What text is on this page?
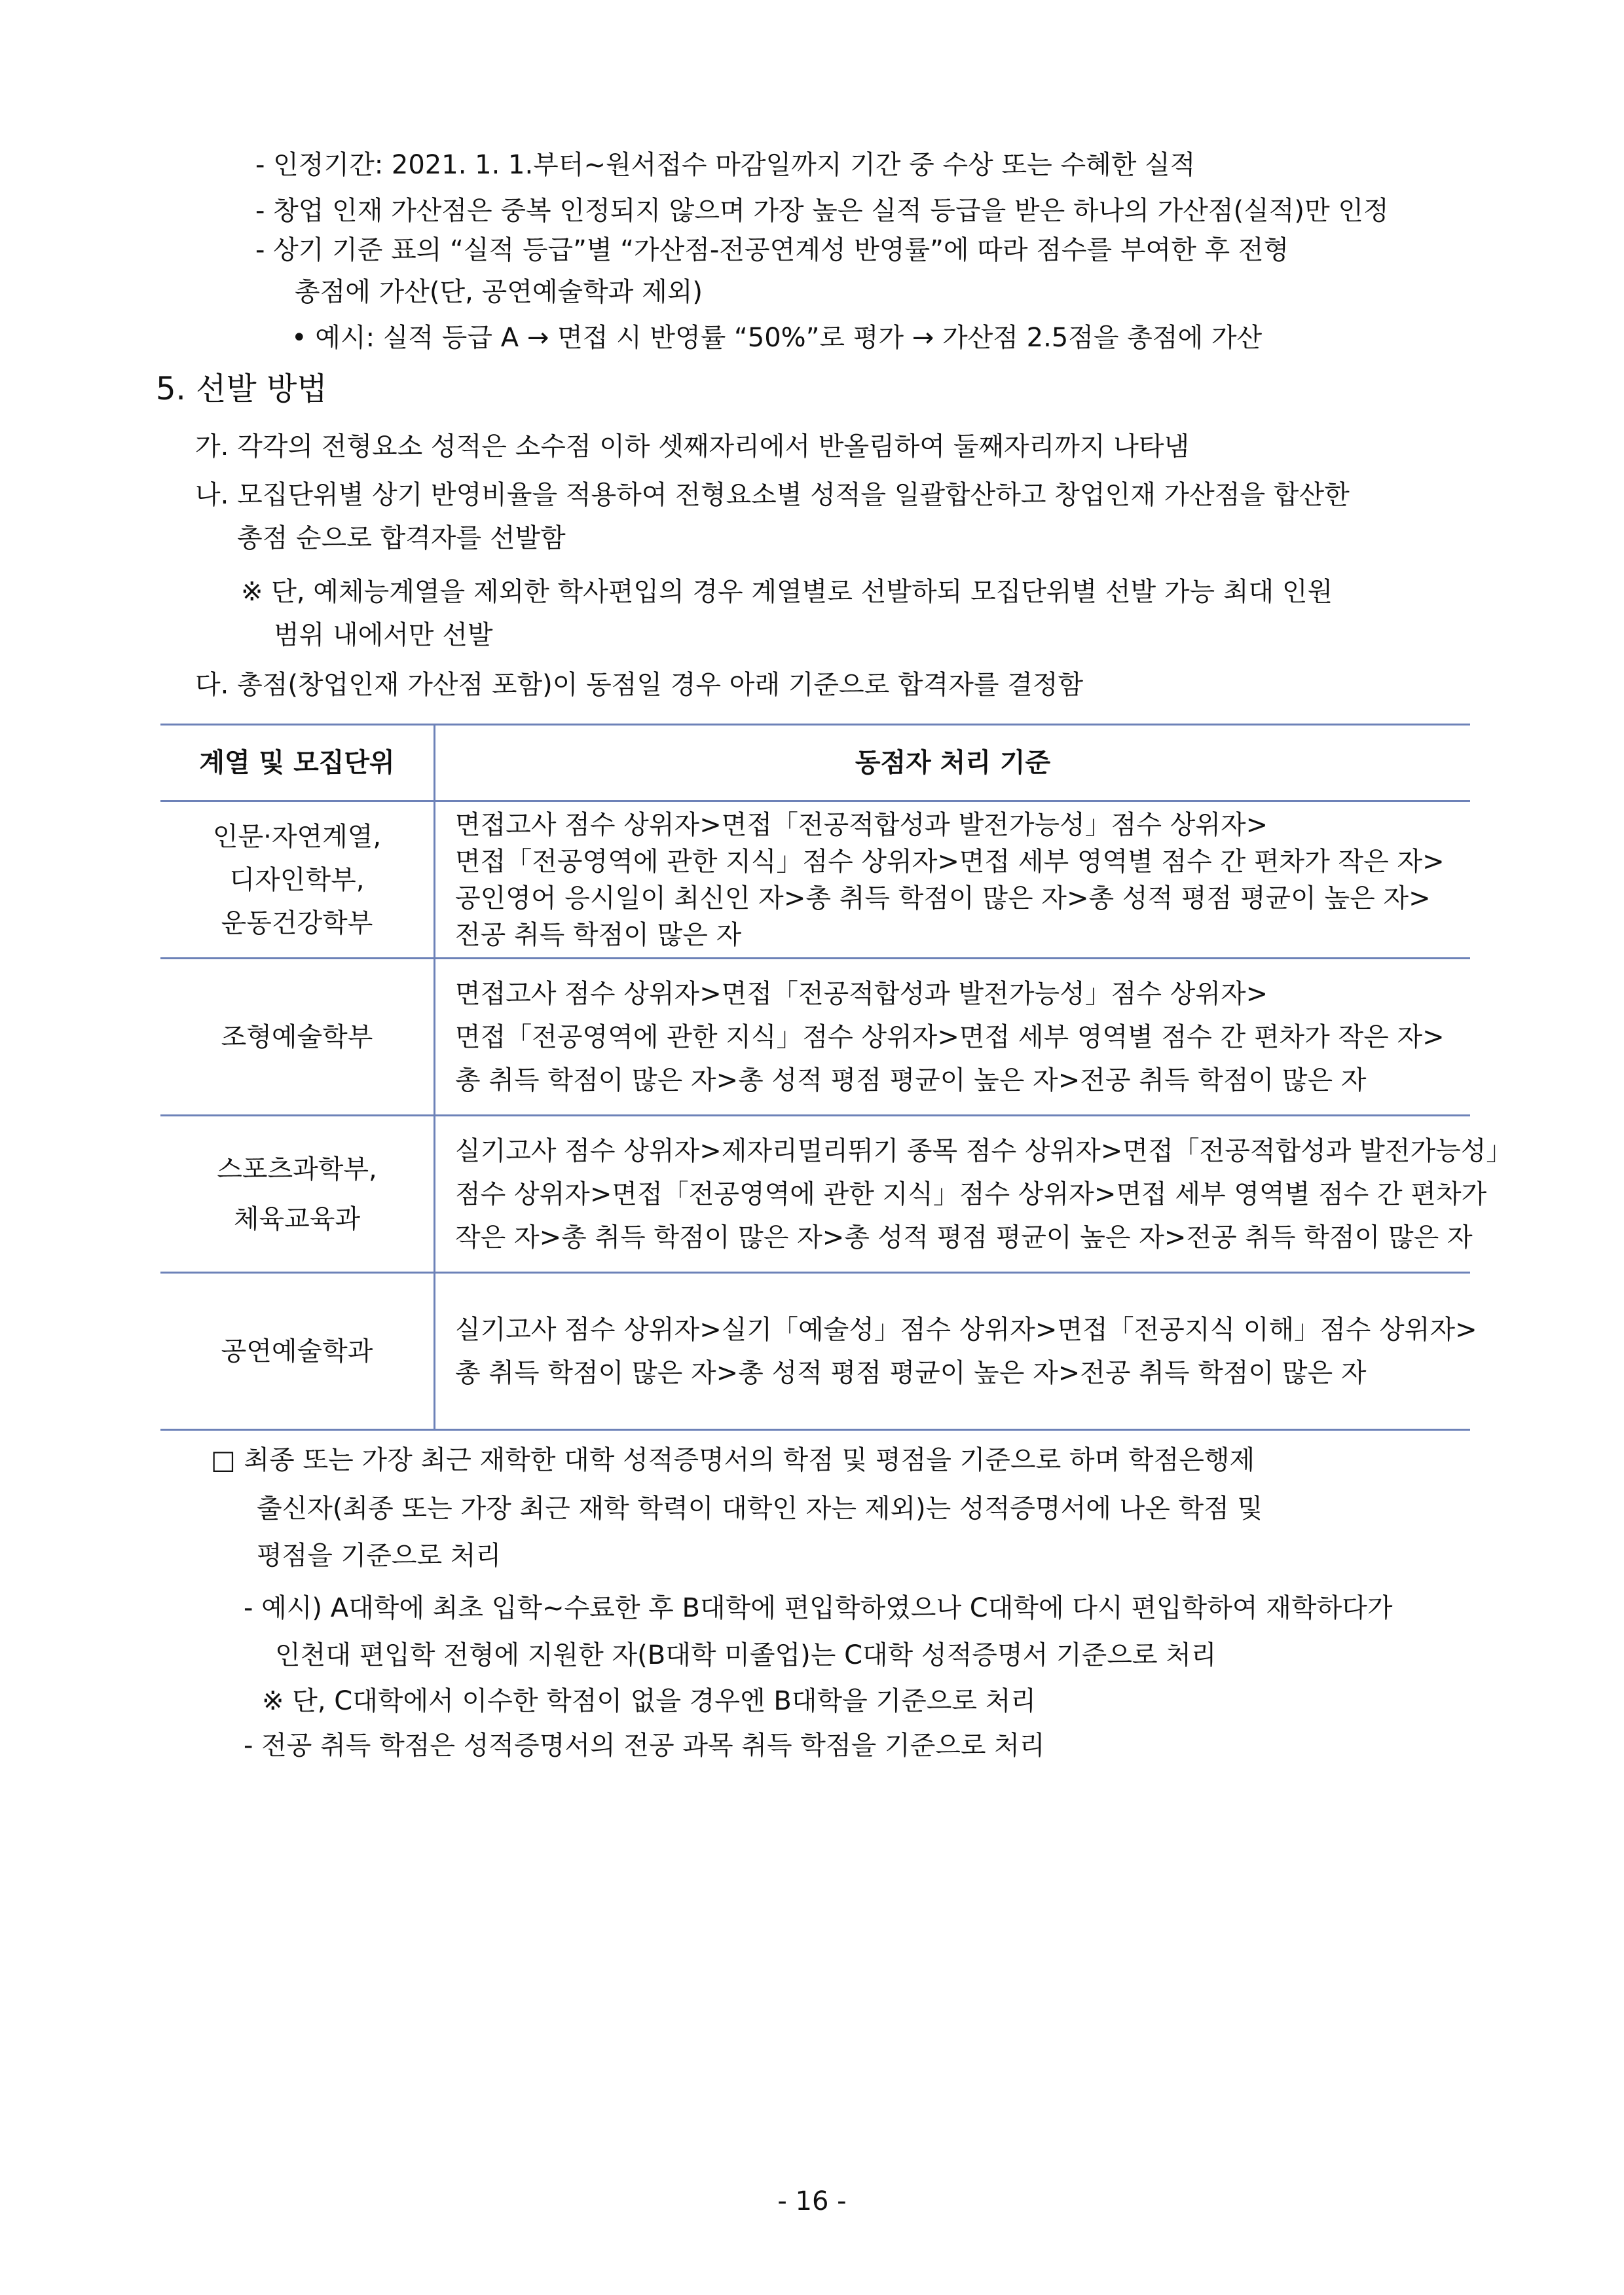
- 인정기간: 2021. 1. 1.부터~원서접수 마감일까지 기간 중 수상 또는 수혜한 실적
- 창업 인재 가산점은 중복 인정되지 않으며 가장 높은 실적 등급을 받은 하나의 가산점(실적)만 인정
- 상기 기준 표의 “실적 등급”별 “가산점-전공연계성 반영률”에 따라 점수를 부여한 후 전형
총점에 가산(단, 공연예술학과 제외)
• 예시: 실적 등급 A → 면접 시 반영률 “50%”로 평가 → 가산점 2.5점을 총점에 가산
5. 선발 방법
가. 각각의 전형요소 성적은 소수점 이하 셋째자리에서 반올림하여 둘째자리까지 나타냄
나. 모집단위별 상기 반영비율을 적용하여 전형요소별 성적을 일괄합산하고 창업인재 가산점을 합산한
총점 순으로 합격자를 선발함
※ 단, 예체능계열을 제외한 학사편입의 경우 계열별로 선발하되 모집단위별 선발 가능 최대 인원
범위 내에서만 선발
다. 총점(창업인재 가산점 포함)이 동점일 경우 아래 기준으로 합격자를 결정함
계열 및 모집단위	동점자 처리 기준

인문·자연계열,
디자인학부,
운동건강학부	면접고사 점수 상위자>면접「전공적합성과 발전가능성」점수 상위자>
면접「전공영역에 관한 지식」점수 상위자>면접 세부 영역별 점수 간 편차가 작은 자>
공인영어 응시일이 최신인 자>총 취득 학점이 많은 자>총 성적 평점 평균이 높은 자>
전공 취득 학점이 많은 자

조형예술학부	면접고사 점수 상위자>면접「전공적합성과 발전가능성」점수 상위자>
면접「전공영역에 관한 지식」점수 상위자>면접 세부 영역별 점수 간 편차가 작은 자>
총 취득 학점이 많은 자>총 성적 평점 평균이 높은 자>전공 취득 학점이 많은 자

스포츠과학부,
체육교육과	실기고사 점수 상위자>제자리멀리뛰기 종목 점수 상위자>면접「전공적합성과 발전가능성」
점수 상위자>면접「전공영역에 관한 지식」점수 상위자>면접 세부 영역별 점수 간 편차가
작은 자>총 취득 학점이 많은 자>총 성적 평점 평균이 높은 자>전공 취득 학점이 많은 자

공연예술학과	실기고사 점수 상위자>실기「예술성」점수 상위자>면접「전공지식 이해」점수 상위자>
총 취득 학점이 많은 자>총 성적 평점 평균이 높은 자>전공 취득 학점이 많은 자
□ 최종 또는 가장 최근 재학한 대학 성적증명서의 학점 및 평점을 기준으로 하며 학점은행제
출신자(최종 또는 가장 최근 재학 학력이 대학인 자는 제외)는 성적증명서에 나온 학점 및
평점을 기준으로 처리
- 예시) A대학에 최초 입학~수료한 후 B대학에 편입학하였으나 C대학에 다시 편입학하여 재학하다가
인천대 편입학 전형에 지원한 자(B대학 미졸업)는 C대학 성적증명서 기준으로 처리
※ 단, C대학에서 이수한 학점이 없을 경우엔 B대학을 기준으로 처리
- 전공 취득 학점은 성적증명서의 전공 과목 취득 학점을 기준으로 처리
- 16 -
